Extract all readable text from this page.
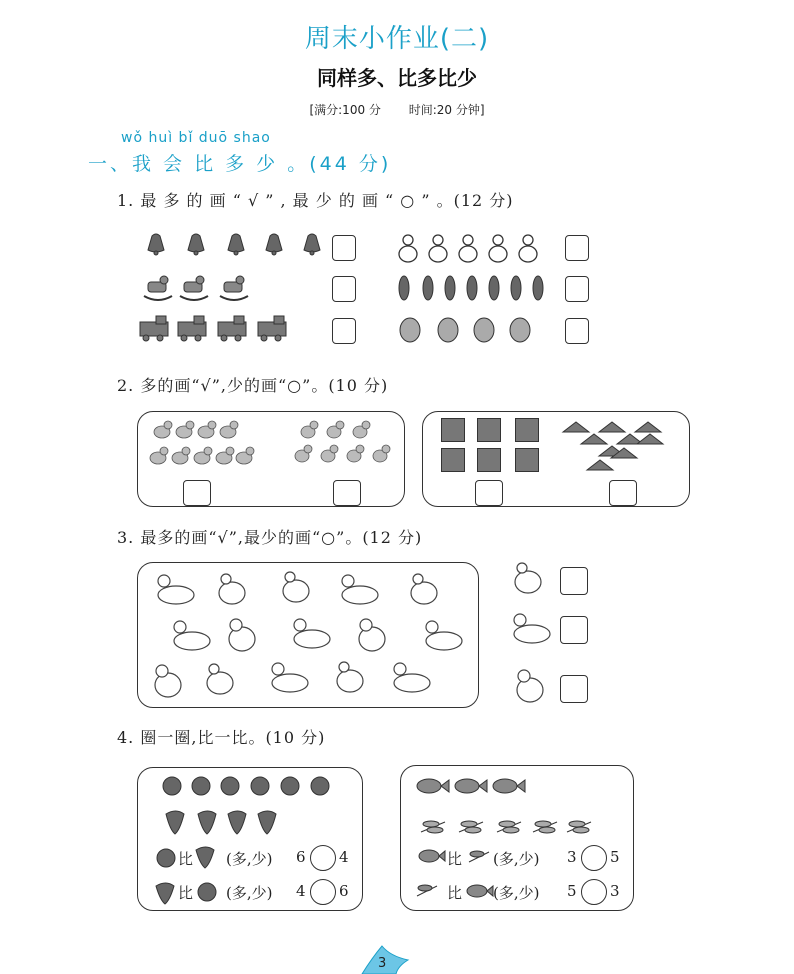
周末小作业(二)
同样多、比多比少
[满分:100 分 时间:20 分钟]
wǒ huì bǐ duō shao
一、我 会 比 多 少 。(44 分)
1. 最 多 的 画 “ √ ” , 最 少 的 画 “ ○ ” 。(12 分)
2. 多的画“√”,少的画“○”。(10 分)
3. 最多的画“√”,最少的画“○”。(12 分)
4. 圈一圈,比一比。(10 分)
比 (多,少) 6 4
比 (多,少) 4 6
比 (多,少) 3 5
比 (多,少) 5 3
3
